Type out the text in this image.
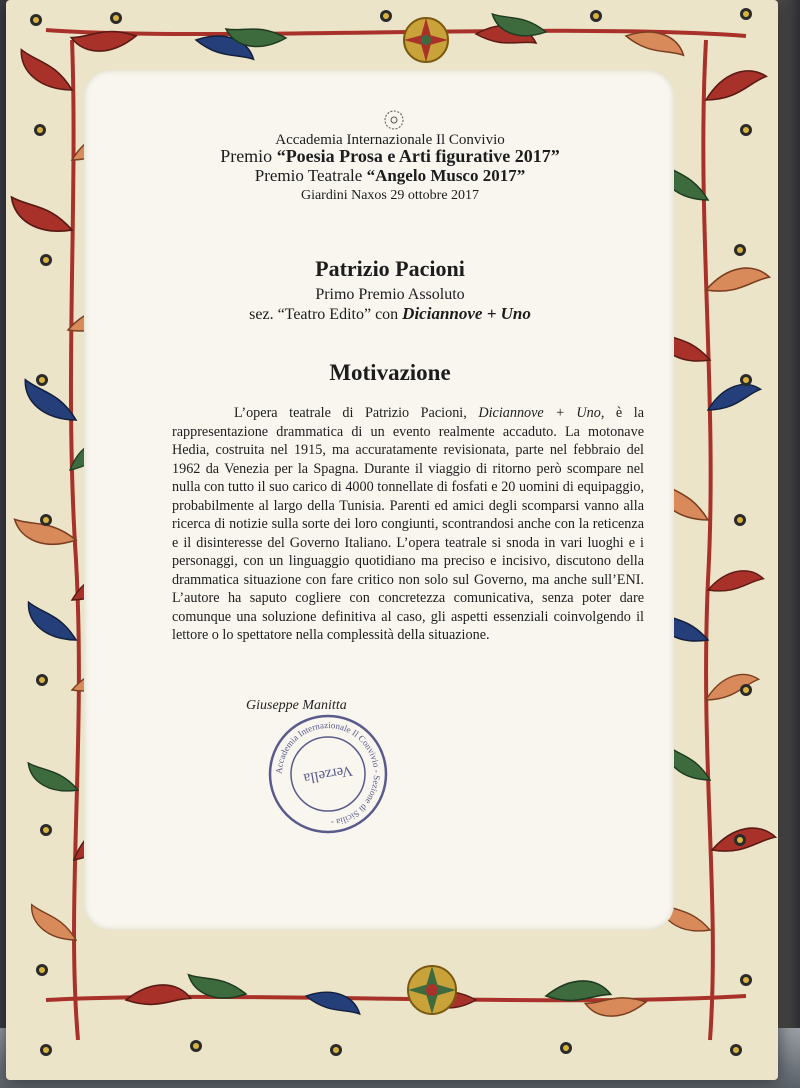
Accademia Internazionale Il Convivio
Premio “Poesia Prosa e Arti figurative 2017”
Premio Teatrale “Angelo Musco 2017”
Giardini Naxos 29 ottobre 2017
Patrizio Pacioni
Primo Premio Assoluto
sez. “Teatro Edito” con Diciannove + Uno
Motivazione

L’opera teatrale di Patrizio Pacioni, Diciannove + Uno, è la rappresentazione drammatica di un evento realmente accaduto. La motonave Hedia, costruita nel 1915, ma accuratamente revisionata, parte nel febbraio del 1962 da Venezia per la Spagna. Durante il viaggio di ritorno però scompare nel nulla con tutto il suo carico di 4000 tonnellate di fosfati e 20 uomini di equipaggio, probabilmente al largo della Tunisia. Parenti ed amici degli scomparsi vanno alla ricerca di notizie sulla sorte dei loro congiunti, scontrandosi anche con la reticenza e il disinteresse del Governo Italiano. L’opera teatrale si snoda in vari luoghi e i personaggi, con un linguaggio quotidiano ma preciso e incisivo, discutono della drammatica situazione con fare critico non solo sul Governo, ma anche sull’ENI. L’autore ha saputo cogliere con concretezza comunicativa, senza poter dare comunque una soluzione definitiva al caso, gli aspetti essenziali coinvolgendo il lettore o lo spettatore nella complessità della situazione.

Giuseppe Manitta
Accademia Internazionale Il Convivio - Sezione di Sicilia -
Verzella
